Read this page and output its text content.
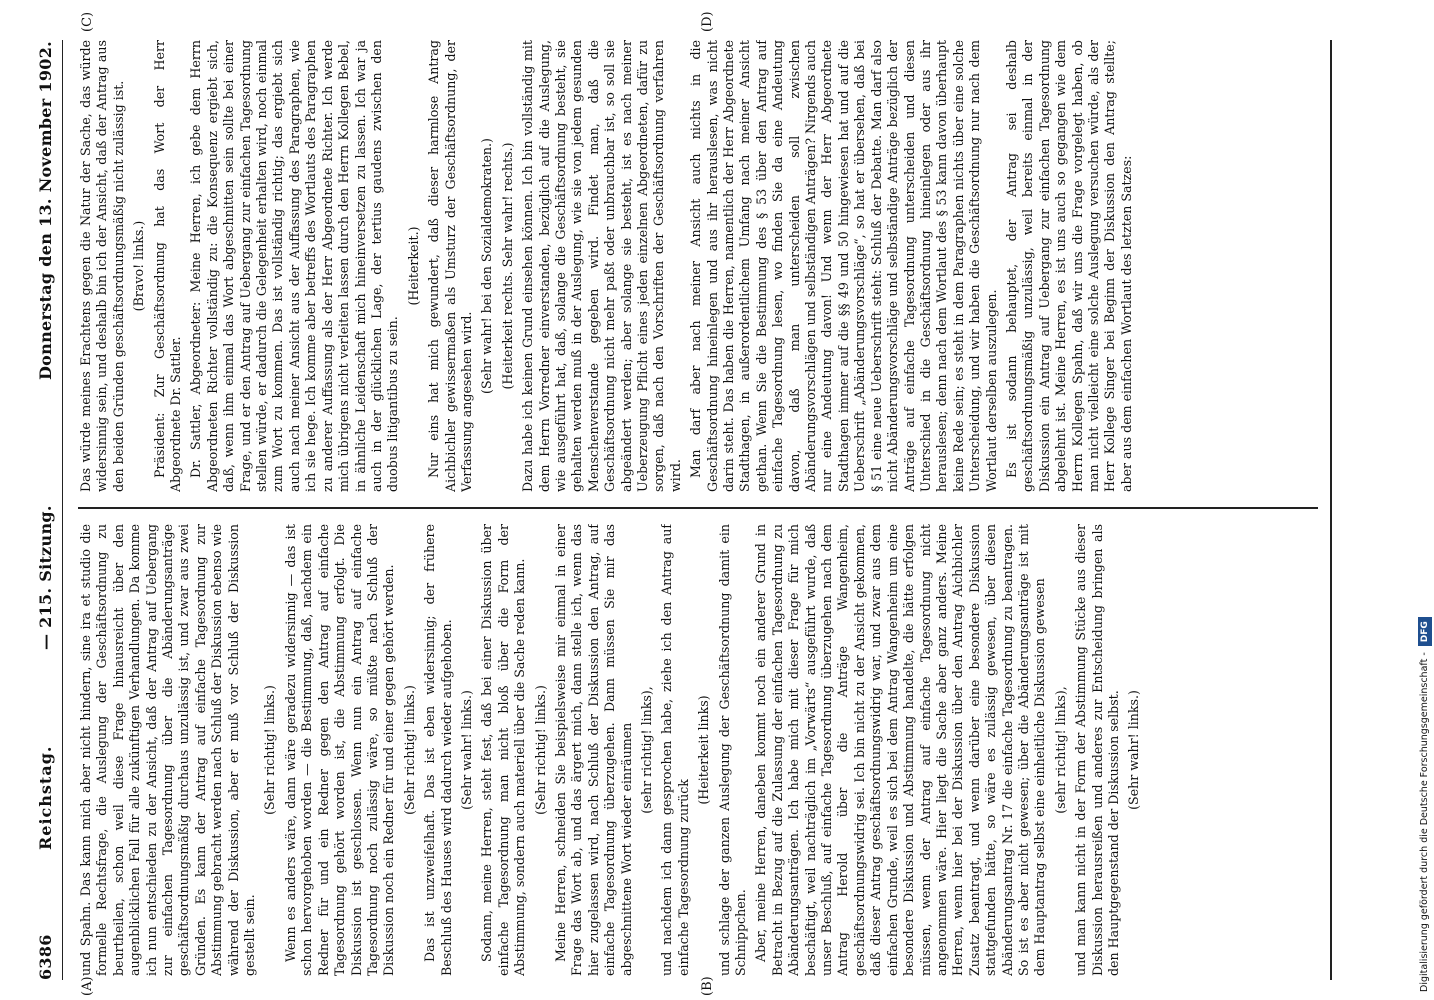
6386
Reichstag.
— 215. Sitzung.
Donnerstag den 13. November 1902.
(A)	(B)
(C)	(D)

und Spahn. Das kann mich aber nicht hindern, sine ira et studio die formelle Rechtsfrage, die Auslegung der Geschäftsordnung zu beurtheilen, schon weil diese Frage hinausreicht über den augenblicklichen Fall für alle zukünftigen Verhandlungen. Da komme ich nun entschieden zu der Ansicht, daß der Antrag auf Uebergang zur einfachen Tagesordnung über die Abänderungsanträge geschäftsordnungsmäßig durchaus unzulässig ist, und zwar aus zwei Gründen. Es kann der Antrag auf einfache Tagesordnung zur Abstimmung gebracht werden nach Schluß der Diskussion ebenso wie während der Diskussion, aber er muß vor Schluß der Diskussion gestellt sein.

(Sehr richtig! links.) Wenn es anders wäre, dann wäre geradezu widersinnig — das ist schon hervorgehoben worden — die Bestimmung, daß, nachdem ein Redner für und ein Redner gegen den Antrag auf einfache Tagesordnung gehört worden ist, die Abstimmung erfolgt. Die Diskussion ist geschlossen. Wenn nun ein Antrag auf einfache Tagesordnung noch zulässig wäre, so müßte nach Schluß der Diskussion noch ein Redner für und einer gegen gehört werden. (Sehr richtig! links.) Das ist unzweifelhaft. Das ist eben widersinnig; der frühere Beschluß des Hauses wird dadurch wieder aufgehoben. (Sehr wahr! links.) Sodann, meine Herren, steht fest, daß bei einer Diskussion über einfache Tagesordnung man nicht bloß über die Form der Abstimmung, sondern auch materiell über die Sache reden kann. (Sehr richtig! links.) Meine Herren, schneiden Sie beispielsweise mir einmal in einer Frage das Wort ab, und das ärgert mich, dann stelle ich, wenn das hier zugelassen wird, nach Schluß der Diskussion den Antrag, auf einfache Tagesordnung überzugehen. Dann müssen Sie mir das abgeschnittene Wort wieder einräumen (sehr richtig! links), und nachdem ich dann gesprochen habe, ziehe ich den Antrag auf einfache Tagesordnung zurück

(Heiterkeit links) und schlage der ganzen Auslegung der Geschäftsordnung damit ein Schnippchen. Aber, meine Herren, daneben kommt noch ein anderer Grund in Betracht in Bezug auf die Zulassung der einfachen Tagesordnung zu Abänderungsanträgen. Ich habe mich mit dieser Frage für mich beschäftigt, weil nachträglich im „Vorwärts“ ausgeführt wurde, daß unser Beschluß, auf einfache Tagesordnung überzugehen nach dem Antrag Herold über die Anträge Wangenheim, geschäftsordnungswidrig sei. Ich bin nicht zu der Ansicht gekommen, daß dieser Antrag geschäftsordnungswidrig war, und zwar aus dem einfachen Grunde, weil es sich bei dem Antrag Wangenheim um eine besondere Diskussion und Abstimmung handelte, die hätte erfolgen müssen, wenn der Antrag auf einfache Tagesordnung nicht angenommen wäre. Hier liegt die Sache aber ganz anders. Meine Herren, wenn hier bei der Diskussion über den Antrag Aichbichler Zusatz beantragt, und wenn darüber eine besondere Diskussion stattgefunden hätte, so wäre es zulässig gewesen, über diesen Abänderungsantrag Nr. 17 die einfache Tagesordnung zu beantragen. So ist es aber nicht gewesen; über die Abänderungsanträge ist mit dem Hauptantrag selbst eine einheitliche Diskussion gewesen (sehr richtig! links), und man kann nicht in der Form der Abstimmung Stücke aus dieser Diskussion herausreißen und anderes zur Entscheidung bringen als den Hauptgegenstand der Diskussion selbst. (Sehr wahr! links.)

Das würde meines Erachtens gegen die Natur der Sache, das würde widersinnig sein, und deshalb bin ich der Ansicht, daß der Antrag aus den beiden Gründen geschäftsordnungsmäßig nicht zulässig ist. (Bravo! links.) Präsident: Zur Geschäftsordnung hat das Wort der Herr Abgeordnete Dr. Sattler. Dr. Sattler, Abgeordneter: Meine Herren, ich gebe dem Herrn Abgeordneten Richter vollständig zu: die Konsequenz ergiebt sich, daß, wenn ihm einmal das Wort abgeschnitten sein sollte bei einer Frage, und er den Antrag auf Uebergang zur einfachen Tagesordnung stellen würde, er dadurch die Gelegenheit erhalten wird, noch einmal zum Wort zu kommen. Das ist vollständig richtig; das ergiebt sich auch nach meiner Ansicht aus der Auffassung des Paragraphen, wie ich sie hege. Ich komme aber betreffs des Wortlauts des Paragraphen zu anderer Auffassung als der Herr Abgeordnete Richter. Ich werde mich übrigens nicht verleiten lassen durch den Herrn Kollegen Bebel, in ähnliche Leidenschaft mich hineinversetzen zu lassen. Ich war ja auch in der glücklichen Lage, der tertius gaudens zwischen den duobus litigantibus zu sein.

(Heiterkeit.) Nur eins hat mich gewundert, daß dieser harmlose Antrag Aichbichler gewissermaßen als Umsturz der Geschäftsordnung, der Verfassung angesehen wird.

(Sehr wahr! bei den Sozialdemokraten.) (Heiterkeit rechts. Sehr wahr! rechts.) Dazu habe ich keinen Grund einsehen können. Ich bin vollständig mit dem Herrn Vorredner einverstanden, bezüglich auf die Auslegung, wie ausgeführt hat, daß, solange die Geschäftsordnung besteht, sie gehalten werden muß in der Auslegung, wie sie von jedem gesunden Menschenverstande gegeben wird. Findet man, daß die Geschäftsordnung nicht mehr paßt oder unbrauchbar ist, so soll sie abgeändert werden; aber solange sie besteht, ist es nach meiner Ueberzeugung Pflicht eines jeden einzelnen Abgeordneten, dafür zu sorgen, daß nach den Vorschriften der Geschäftsordnung verfahren wird. Man darf aber nach meiner Ansicht auch nichts in die Geschäftsordnung hineinlegen und aus ihr herauslesen, was nicht darin steht. Das haben die Herren, namentlich der Herr Abgeordnete Stadthagen, in außerordentlichem Umfang nach meiner Ansicht gethan. Wenn Sie die Bestimmung des § 53 über den Antrag auf einfache Tagesordnung lesen, wo finden Sie da eine Andeutung davon, daß man unterscheiden soll zwischen Abänderungsvorschlägen und selbständigen Anträgen? Nirgends auch nur eine Andeutung davon! Und wenn der Herr Abgeordnete Stadthagen immer auf die §§ 49 und 50 hingewiesen hat und auf die Ueberschrift „Abänderungsvorschläge“, so hat er übersehen, daß bei § 51 eine neue Ueberschrift steht: Schluß der Debatte. Man darf also nicht Abänderungsvorschläge und selbständige Anträge bezüglich der Anträge auf einfache Tagesordnung unterscheiden und diesen Unterschied in die Geschäftsordnung hineinlegen oder aus ihr herauslesen; denn nach dem Wortlaut des § 53 kann davon überhaupt keine Rede sein; es steht in dem Paragraphen nichts über eine solche Unterscheidung, und wir haben die Geschäftsordnung nur nach dem Wortlaut derselben auszulegen. Es ist sodann behauptet, der Antrag sei deshalb geschäftsordnungsmäßig unzulässig, weil bereits einmal in der Diskussion ein Antrag auf Uebergang zur einfachen Tagesordnung abgelehnt ist. Meine Herren, es ist uns auch so gegangen wie dem Herrn Kollegen Spahn, daß wir uns die Frage vorgelegt haben, ob man nicht vielleicht eine solche Auslegung versuchen würde, als der Herr Kollege Singer bei Beginn der Diskussion den Antrag stellte; aber aus dem einfachen Wortlaut des letzten Satzes:

Digitalisierung gefördert durch die Deutsche Forschungsgemeinschaft -DFG
